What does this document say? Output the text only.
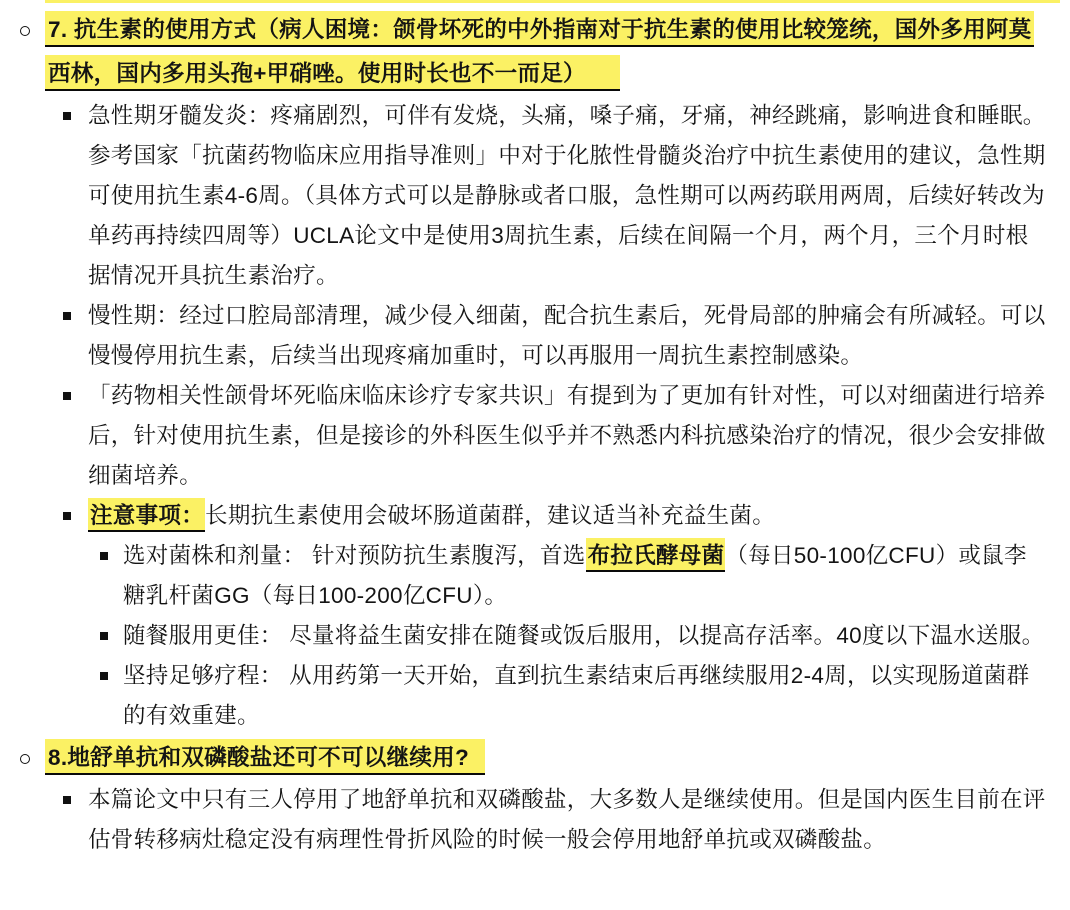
7. 抗生素的使用方式（病人困境：颌骨坏死的中外指南对于抗生素的使用比较笼统，国外多用阿莫
西林，国内多用头孢+甲硝唑。使用时长也不一而足）
急性期牙髓发炎：疼痛剧烈，可伴有发烧，头痛，嗓子痛，牙痛，神经跳痛，影响进食和睡眠。参考国家「抗菌药物临床应用指导准则」中对于化脓性骨髓炎治疗中抗生素使用的建议，急性期可使用抗生素4-6周。（具体方式可以是静脉或者口服，急性期可以两药联用两周，后续好转改为单药再持续四周等）UCLA论文中是使用3周抗生素，后续在间隔一个月，两个月，三个月时根据情况开具抗生素治疗。
慢性期：经过口腔局部清理，减少侵入细菌，配合抗生素后，死骨局部的肿痛会有所减轻。可以慢慢停用抗生素，后续当出现疼痛加重时，可以再服用一周抗生素控制感染。
「药物相关性颌骨坏死临床临床诊疗专家共识」有提到为了更加有针对性，可以对细菌进行培养后，针对使用抗生素，但是接诊的外科医生似乎并不熟悉内科抗感染治疗的情况，很少会安排做细菌培养。
注意事项：长期抗生素使用会破坏肠道菌群，建议适当补充益生菌。
选对菌株和剂量： 针对预防抗生素腹泻，首选布拉氏酵母菌（每日50-100亿CFU）或鼠李糖乳杆菌GG（每日100-200亿CFU）。
随餐服用更佳： 尽量将益生菌安排在随餐或饭后服用，以提高存活率。40度以下温水送服。
坚持足够疗程： 从用药第一天开始，直到抗生素结束后再继续服用2-4周，以实现肠道菌群的有效重建。
8.地舒单抗和双磷酸盐还可不可以继续用?
本篇论文中只有三人停用了地舒单抗和双磷酸盐，大多数人是继续使用。但是国内医生目前在评估骨转移病灶稳定没有病理性骨折风险的时候一般会停用地舒单抗或双磷酸盐。
